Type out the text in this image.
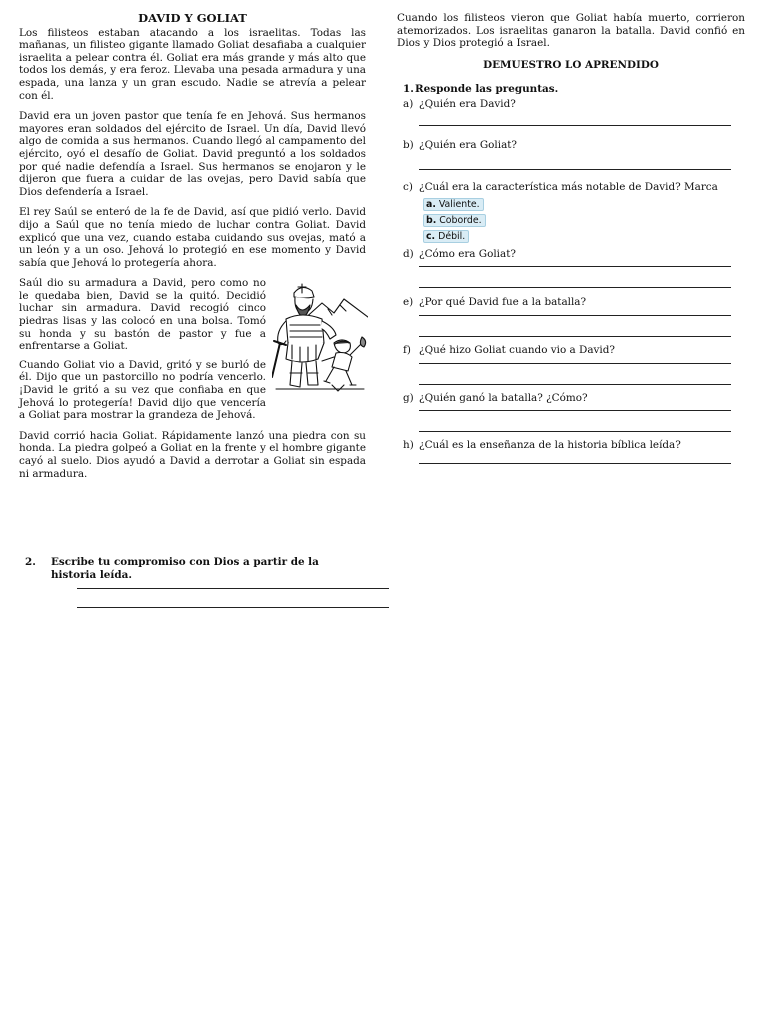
DAVID Y GOLIAT

Los filisteos estaban atacando a los israelitas. Todas las mañanas, un filisteo gigante llamado Goliat desafiaba a cualquier israelita a pelear contra él. Goliat era más grande y más alto que todos los demás, y era feroz. Llevaba una pesada armadura y una espada, una lanza y un gran escudo. Nadie se atrevía a pelear con él.

David era un joven pastor que tenía fe en Jehová. Sus hermanos mayores eran soldados del ejército de Israel. Un día, David llevó algo de comida a sus hermanos. Cuando llegó al campamento del ejército, oyó el desafío de Goliat. David preguntó a los soldados por qué nadie defendía a Israel. Sus hermanos se enojaron y le dijeron que fuera a cuidar de las ovejas, pero David sabía que Dios defendería a Israel.

El rey Saúl se enteró de la fe de David, así que pidió verlo. David dijo a Saúl que no tenía miedo de luchar contra Goliat. David explicó que una vez, cuando estaba cuidando sus ovejas, mató a un león y a un oso. Jehová lo protegió en ese momento y David sabía que Jehová lo protegería ahora.

Saúl dio su armadura a David, pero como no le quedaba bien, David se la quitó. Decidió luchar sin armadura. David recogió cinco piedras lisas y las colocó en una bolsa. Tomó su honda y su bastón de pastor y fue a enfrentarse a Goliat.

Cuando Goliat vio a David, gritó y se burló de él. Dijo que un pastorcillo no podría vencerlo. ¡David le gritó a su vez que confiaba en que Jehová lo protegería! David dijo que vencería a Goliat para mostrar la grandeza de Jehová.

David corrió hacia Goliat. Rápidamente lanzó una piedra con su honda. La piedra golpeó a Goliat en la frente y el hombre gigante cayó al suelo. Dios ayudó a David a derrotar a Goliat sin espada ni armadura.

Cuando los filisteos vieron que Goliat había muerto, corrieron atemorizados. Los israelitas ganaron la batalla. David confió en Dios y Dios protegió a Israel.

DEMUESTRO LO APRENDIDO
1.Responde las preguntas.
a) ¿Quién era David?
b) ¿Quién era Goliat?
c) ¿Cuál era la característica más notable de David? Marca
a. Valiente.
b. Coborde.
c. Débil.
d) ¿Cómo era Goliat?
e) ¿Por qué David fue a la batalla?
f) ¿Qué hizo Goliat cuando vio a David?
g) ¿Quién ganó la batalla? ¿Cómo?
h) ¿Cuál es la enseñanza de la historia bíblica leída?
2.	Escribe tu compromiso con Dios a partir de la historia leída.
